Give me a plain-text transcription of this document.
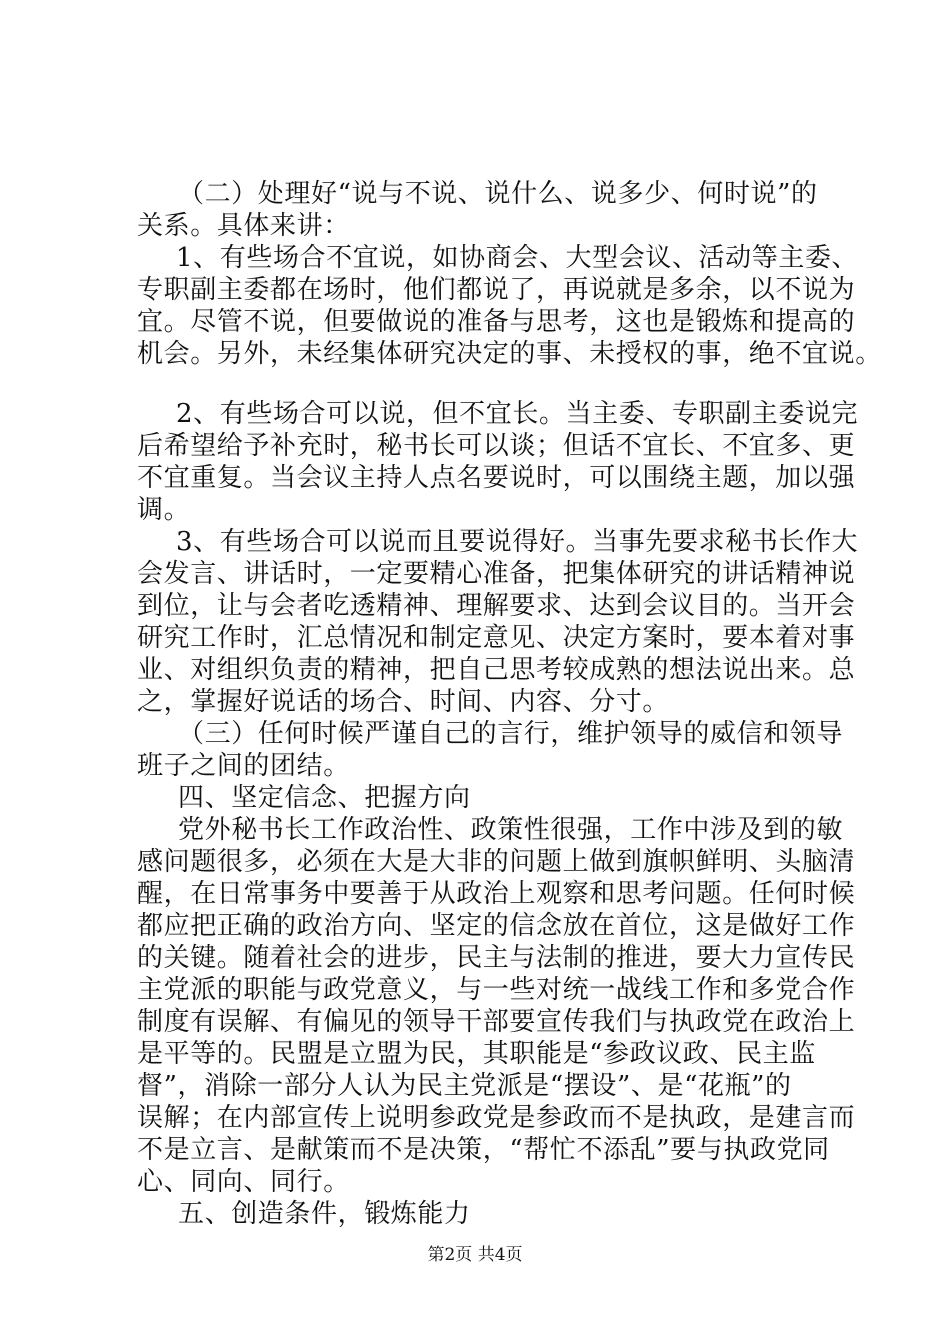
（二）处理好“说与不说、说什么、说多少、何时说”的
关系。具体来讲：
1、有些场合不宜说，如协商会、大型会议、活动等主委、
专职副主委都在场时，他们都说了，再说就是多余，以不说为
宜。尽管不说，但要做说的准备与思考，这也是锻炼和提高的
机会。另外，未经集体研究决定的事、未授权的事，绝不宜说。
2、有些场合可以说，但不宜长。当主委、专职副主委说完
后希望给予补充时，秘书长可以谈；但话不宜长、不宜多、更
不宜重复。当会议主持人点名要说时，可以围绕主题，加以强
调。
3、有些场合可以说而且要说得好。当事先要求秘书长作大
会发言、讲话时，一定要精心准备，把集体研究的讲话精神说
到位，让与会者吃透精神、理解要求、达到会议目的。当开会
研究工作时，汇总情况和制定意见、决定方案时，要本着对事
业、对组织负责的精神，把自己思考较成熟的想法说出来。总
之，掌握好说话的场合、时间、内容、分寸。
（三）任何时候严谨自己的言行，维护领导的威信和领导
班子之间的团结。
四、坚定信念、把握方向
党外秘书长工作政治性、政策性很强，工作中涉及到的敏
感问题很多，必须在大是大非的问题上做到旗帜鲜明、头脑清
醒，在日常事务中要善于从政治上观察和思考问题。任何时候
都应把正确的政治方向、坚定的信念放在首位，这是做好工作
的关键。随着社会的进步，民主与法制的推进，要大力宣传民
主党派的职能与政党意义，与一些对统一战线工作和多党合作
制度有误解、有偏见的领导干部要宣传我们与执政党在政治上
是平等的。民盟是立盟为民，其职能是“参政议政、民主监
督”，消除一部分人认为民主党派是“摆设”、是“花瓶”的
误解；在内部宣传上说明参政党是参政而不是执政，是建言而
不是立言、是献策而不是决策，“帮忙不添乱”要与执政党同
心、同向、同行。
五、创造条件，锻炼能力
第2页 共4页
